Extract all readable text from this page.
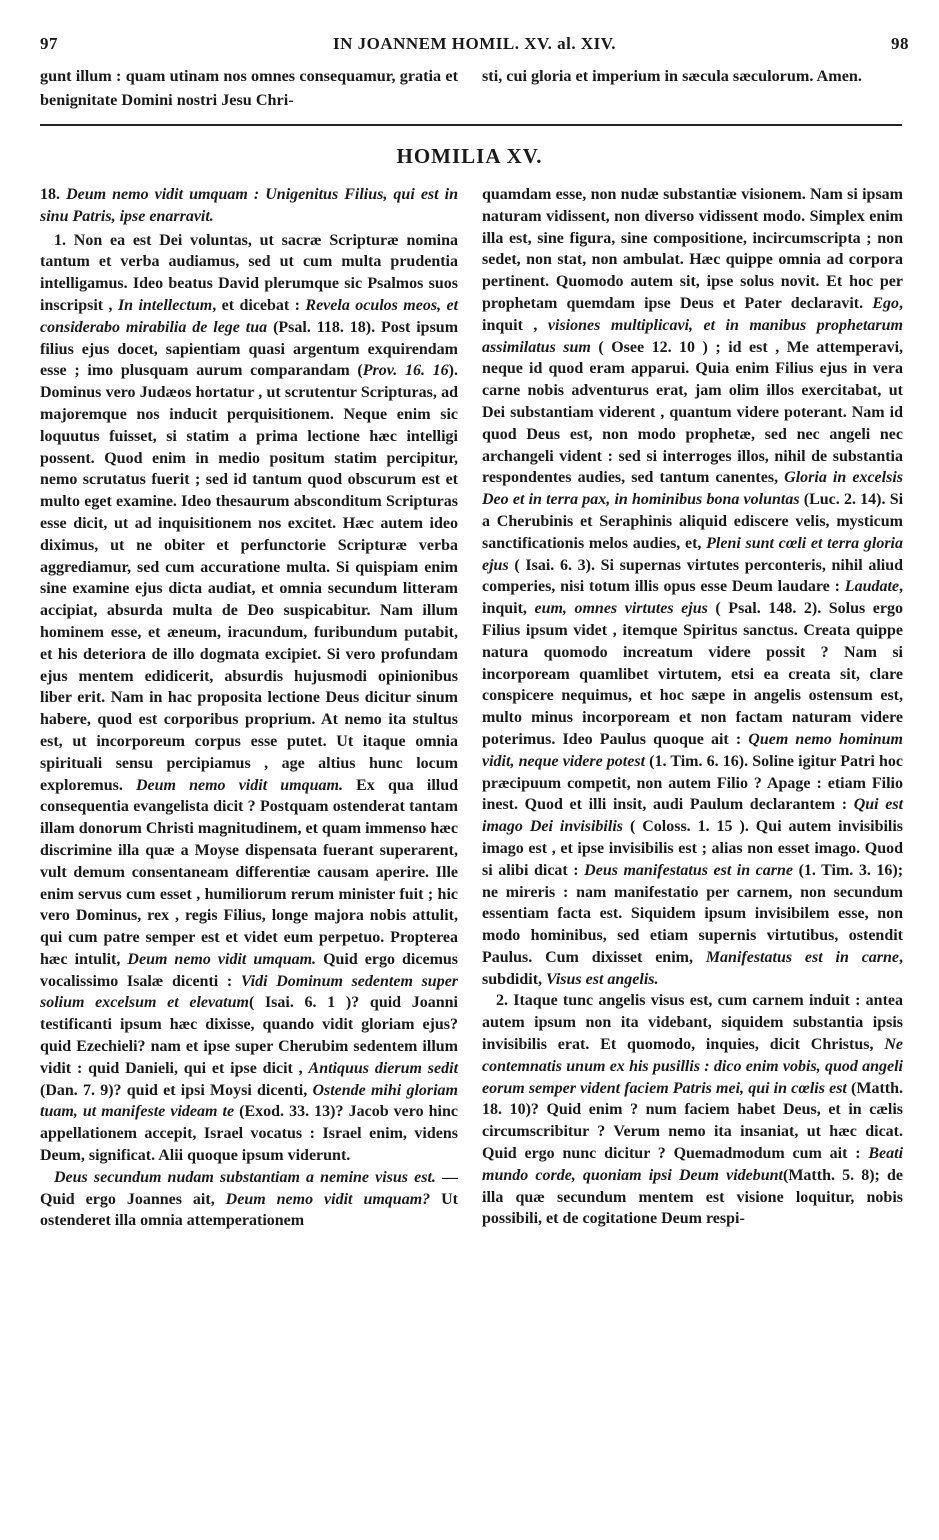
97	IN JOANNEM HOMIL. XV. al. XIV.	98
gunt illum : quam utinam nos omnes consequamur, gratia et benignitate Domini nostri Jesu Chri-
sti, cui gloria et imperium in sæcula sæculorum. Amen.
HOMILIA XV.

18. Deum nemo vidit umquam : Unigenitus Filius, qui est in sinu Patris, ipse enarravit.

1. Non ea est Dei voluntas, ut sacræ Scripturæ nomina tantum et verba audiamus, sed ut cum multa prudentia intelligamus. Ideo beatus David plerumque sic Psalmos suos inscripsit , In intellectum, et dicebat : Revela oculos meos, et considerabo mirabilia de lege tua (Psal. 118. 18). Post ipsum filius ejus docet, sapientiam quasi argentum exquirendam esse ; imo plusquam aurum comparandam (Prov. 16. 16). Dominus vero Judæos hortatur , ut scrutentur Scripturas, ad majoremque nos inducit perquisitionem. Neque enim sic loquutus fuisset, si statim a prima lectione hæc intelligi possent. Quod enim in medio positum statim percipitur, nemo scrutatus fuerit ; sed id tantum quod obscurum est et multo eget examine. Ideo thesaurum absconditum Scripturas esse dicit, ut ad inquisitionem nos excitet. Hæc autem ideo diximus, ut ne obiter et perfunctorie Scripturæ verba aggrediamur, sed cum accuratione multa. Si quispiam enim sine examine ejus dicta audiat, et omnia secundum litteram accipiat, absurda multa de Deo suspicabitur. Nam illum hominem esse, et æneum, iracundum, furibundum putabit, et his deteriora de illo dogmata excipiet. Si vero profundam ejus mentem edidicerit, absurdis hujusmodi opinionibus liber erit. Nam in hac proposita lectione Deus dicitur sinum habere, quod est corporibus proprium. At nemo ita stultus est, ut incorporeum corpus esse putet. Ut itaque omnia spirituali sensu percipiamus , age altius hunc locum exploremus. Deum nemo vidit umquam. Ex qua illud consequentia evangelista dicit ? Postquam ostenderat tantam illam donorum Christi magnitudinem, et quam immenso hæc discrimine illa quæ a Moyse dispensata fuerant superarent, vult demum consentaneam differentiæ causam aperire. Ille enim servus cum esset , humiliorum rerum minister fuit ; hic vero Dominus, rex , regis Filius, longe majora nobis attulit, qui cum patre semper est et videt eum perpetuo. Propterea hæc intulit, Deum nemo vidit umquam. Quid ergo dicemus vocalissimo Isalæ dicenti : Vidi Dominum sedentem super solium excelsum et elevatum( Isai. 6. 1 )? quid Joanni testificanti ipsum hæc dixisse, quando vidit gloriam ejus? quid Ezechieli? nam et ipse super Cherubim sedentem illum vidit : quid Danieli, qui et ipse dicit , Antiquus dierum sedit (Dan. 7. 9)? quid et ipsi Moysi dicenti, Ostende mihi gloriam tuam, ut manifeste videam te (Exod. 33. 13)? Jacob vero hinc appellationem accepit, Israel vocatus : Israel enim, videns Deum, significat. Alii quoque ipsum viderunt.

Deus secundum nudam substantiam a nemine visus est. — Quid ergo Joannes ait, Deum nemo vidit umquam? Ut ostenderet illa omnia attemperationem

quamdam esse, non nudæ substantiæ visionem. Nam si ipsam naturam vidissent, non diverso vidissent modo. Simplex enim illa est, sine figura, sine compositione, incircumscripta ; non sedet, non stat, non ambulat. Hæc quippe omnia ad corpora pertinent. Quomodo autem sit, ipse solus novit. Et hoc per prophetam quemdam ipse Deus et Pater declaravit. Ego, inquit , visiones multiplicavi, et in manibus prophetarum assimilatus sum ( Osee 12. 10 ) ; id est , Me attemperavi, neque id quod eram apparui. Quia enim Filius ejus in vera carne nobis adventurus erat, jam olim illos exercitabat, ut Dei substantiam viderent , quantum videre poterant. Nam id quod Deus est, non modo prophetæ, sed nec angeli nec archangeli vident : sed si interroges illos, nihil de substantia respondentes audies, sed tantum canentes, Gloria in excelsis Deo et in terra pax, in hominibus bona voluntas (Luc. 2. 14). Si a Cherubinis et Seraphinis aliquid ediscere velis, mysticum sanctificationis melos audies, et, Pleni sunt cœli et terra gloria ejus ( Isai. 6. 3). Si supernas virtutes perconteris, nihil aliud comperies, nisi totum illis opus esse Deum laudare : Laudate, inquit, eum, omnes virtutes ejus ( Psal. 148. 2). Solus ergo Filius ipsum videt , itemque Spiritus sanctus. Creata quippe natura quomodo increatum videre possit ? Nam si incorpoream quamlibet virtutem, etsi ea creata sit, clare conspicere nequimus, et hoc sæpe in angelis ostensum est, multo minus incorpoream et non factam naturam videre poterimus. Ideo Paulus quoque ait : Quem nemo hominum vidit, neque videre potest (1. Tim. 6. 16). Soline igitur Patri hoc præcipuum competit, non autem Filio ? Apage : etiam Filio inest. Quod et illi insit, audi Paulum declarantem : Qui est imago Dei invisibilis ( Coloss. 1. 15 ). Qui autem invisibilis imago est , et ipse invisibilis est ; alias non esset imago. Quod si alibi dicat : Deus manifestatus est in carne (1. Tim. 3. 16); ne mireris : nam manifestatio per carnem, non secundum essentiam facta est. Siquidem ipsum invisibilem esse, non modo hominibus, sed etiam supernis virtutibus, ostendit Paulus. Cum dixisset enim, Manifestatus est in carne, subdidit, Visus est angelis.

2. Itaque tunc angelis visus est, cum carnem induit : antea autem ipsum non ita videbant, siquidem substantia ipsis invisibilis erat. Et quomodo, inquies, dicit Christus, Ne contemnatis unum ex his pusillis : dico enim vobis, quod angeli eorum semper vident faciem Patris mei, qui in cœlis est (Matth. 18. 10)? Quid enim ? num faciem habet Deus, et in cælis circumscribitur ? Verum nemo ita insaniat, ut hæc dicat. Quid ergo nunc dicitur ? Quemadmodum cum ait : Beati mundo corde, quoniam ipsi Deum videbunt(Matth. 5. 8); de illa quæ secundum mentem est visione loquitur, nobis possibili, et de cogitatione Deum respi-
